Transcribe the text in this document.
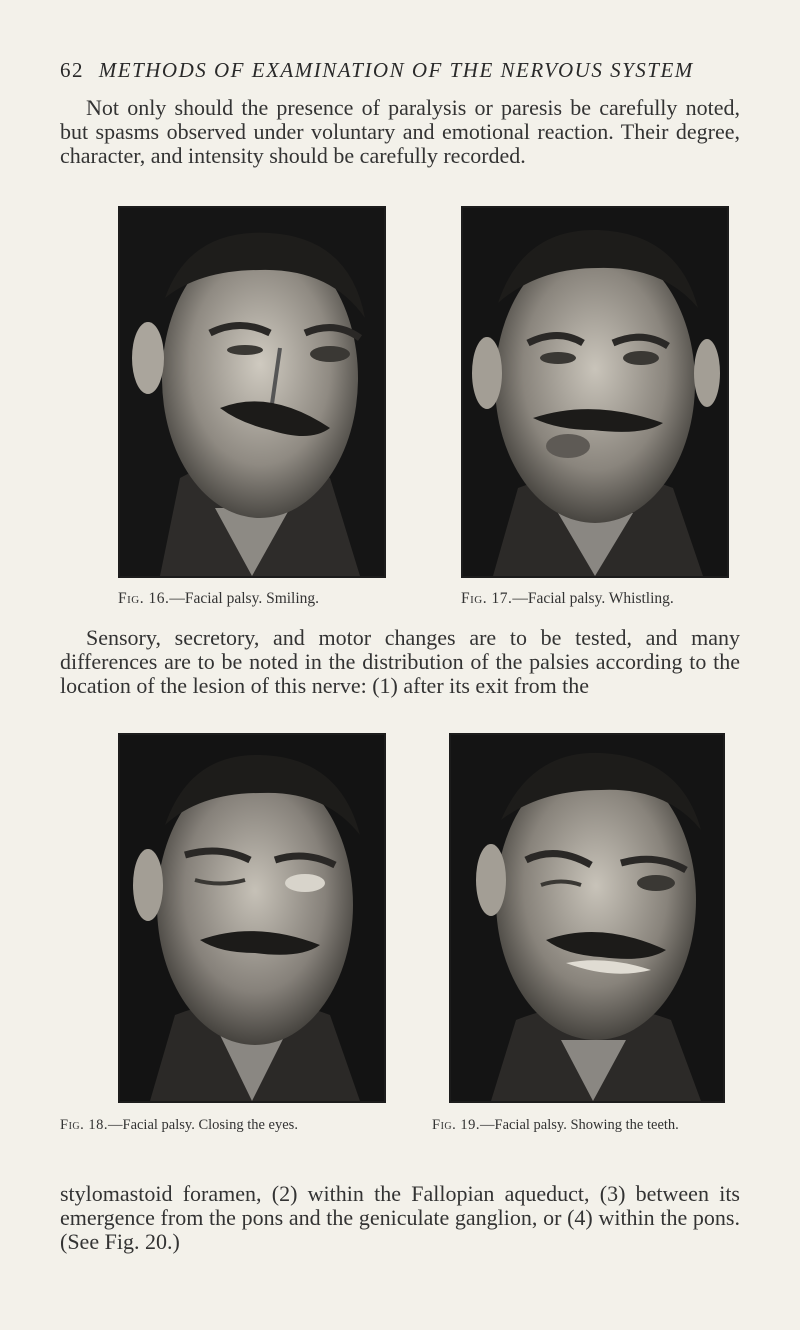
62 METHODS OF EXAMINATION OF THE NERVOUS SYSTEM
Not only should the presence of paralysis or paresis be carefully noted, but spasms observed under voluntary and emotional reaction. Their degree, character, and intensity should be carefully recorded.
Fig. 16.—Facial palsy. Smiling.	Fig. 17.—Facial palsy. Whistling.
Sensory, secretory, and motor changes are to be tested, and many differences are to be noted in the distribution of the palsies according to the location of the lesion of this nerve: (1) after its exit from the
Fig. 18.—Facial palsy. Closing the eyes.	Fig. 19.—Facial palsy. Showing the teeth.
stylomastoid foramen, (2) within the Fallopian aqueduct, (3) between its emergence from the pons and the geniculate ganglion, or (4) within the pons. (See Fig. 20.)
